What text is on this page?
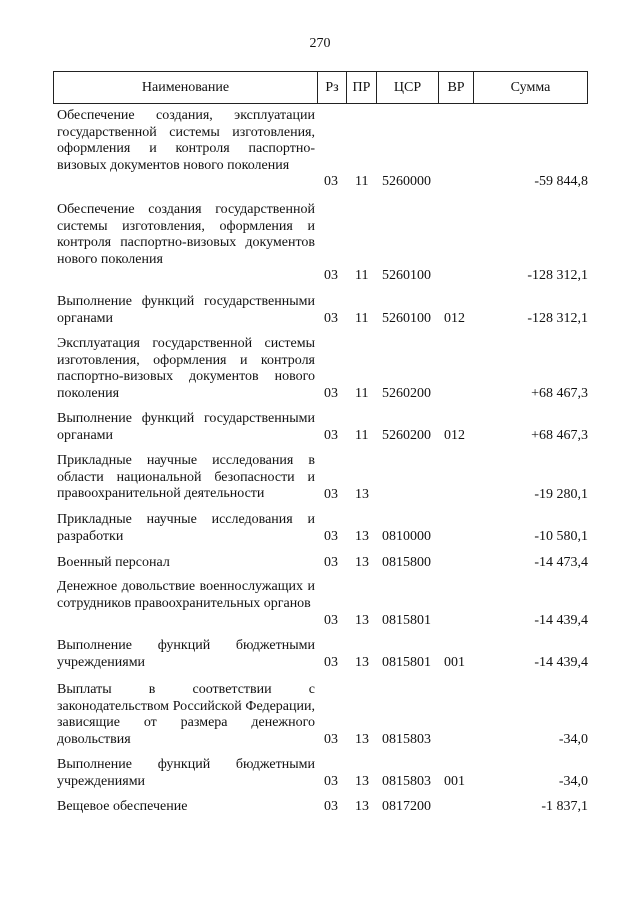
270
Наименование	Рз ПР	ЦСР	ВР	Сумма
Обеспечение создания, эксплуатации государственной системы изготовления, оформления и контроля паспортно-визовых документов нового поколения
03 11 5260000	-59 844,8
Обеспечение создания государственной системы изготовления, оформления и контроля паспортно-визовых документов нового поколения
03 11 5260100	-128 312,1
Выполнение функций государственными органами	03 11 5260100 012	-128 312,1
Эксплуатация государственной системы изготовления, оформления и контроля паспортно-визовых документов нового поколения	03 11 5260200	+68 467,3
Выполнение функций государственными органами	03 11 5260200 012	+68 467,3
Прикладные научные исследования в области национальной безопасности и правоохранительной деятельности	03 13	-19 280,1
Прикладные научные исследования и разработки	03 13 0810000	-10 580,1
Военный персонал	03 13 0815800	-14 473,4
Денежное довольствие военнослужащих и сотрудников правоохранительных органов
03 13 0815801	-14 439,4
Выполнение функций бюджетными учреждениями	03 13 0815801 001	-14 439,4
Выплаты в соответствии с законодательством Российской Федерации, зависящие от размера денежного довольствия	03 13 0815803	-34,0
Выполнение функций бюджетными учреждениями	03 13 0815803 001	-34,0
Вещевое обеспечение	03 13 0817200	-1 837,1
